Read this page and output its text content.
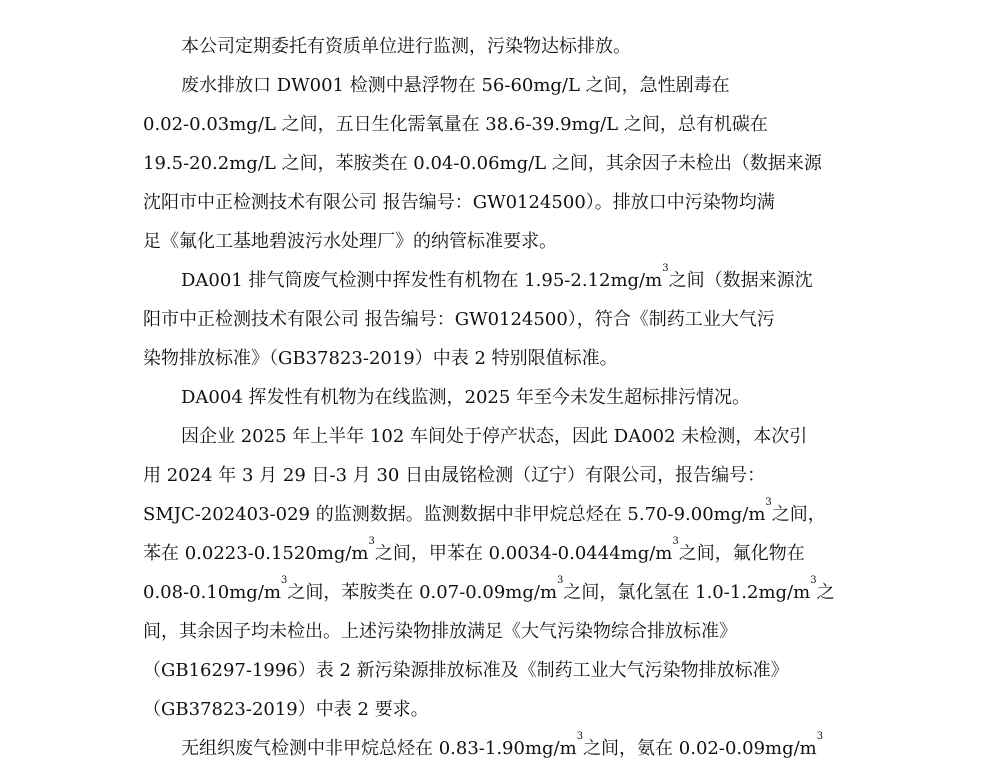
本公司定期委托有资质单位进行监测，污染物达标排放。
废水排放口 DW001 检测中悬浮物在 56-60mg/L 之间，急性剧毒在
0.02-0.03mg/L 之间，五日生化需氧量在 38.6-39.9mg/L 之间，总有机碳在
19.5-20.2mg/L 之间，苯胺类在 0.04-0.06mg/L 之间，其余因子未检出（数据来源
沈阳市中正检测技术有限公司 报告编号：GW0124500）。排放口中污染物均满
足《氟化工基地碧波污水处理厂》的纳管标准要求。
DA001 排气筒废气检测中挥发性有机物在 $1.95-2.12mg/m^3$之间（数据来源沈
阳市中正检测技术有限公司 报告编号：GW0124500），符合《制药工业大气污
染物排放标准》（GB37823-2019）中表 2 特别限值标准。
DA004 挥发性有机物为在线监测，2025 年至今未发生超标排污情况。
因企业 2025 年上半年 102 车间处于停产状态，因此 DA002 未检测，本次引
用 2024 年 3 月 29 日-3 月 30 日由晟铭检测（辽宁）有限公司，报告编号：
SMJC-202403-029 的监测数据。监测数据中非甲烷总烃在 $5.70-9.00mg/m^3$之间，
苯在 $0.0223-0.1520mg/m^3$之间，甲苯在 $0.0034-0.0444mg/m^3$之间，氟化物在
$0.08-0.10mg/m^3$之间，苯胺类在 $0.07-0.09mg/m^3$之间，氯化氢在 $1.0-1.2mg/m^3$之
间，其余因子均未检出。上述污染物排放满足《大气污染物综合排放标准》
（GB16297-1996）表 2 新污染源排放标准及《制药工业大气污染物排放标准》
（GB37823-2019）中表 2 要求。
无组织废气检测中非甲烷总烃在 $0.83-1.90mg/m^3$之间，氨在 $0.02-0.09mg/m^3$
